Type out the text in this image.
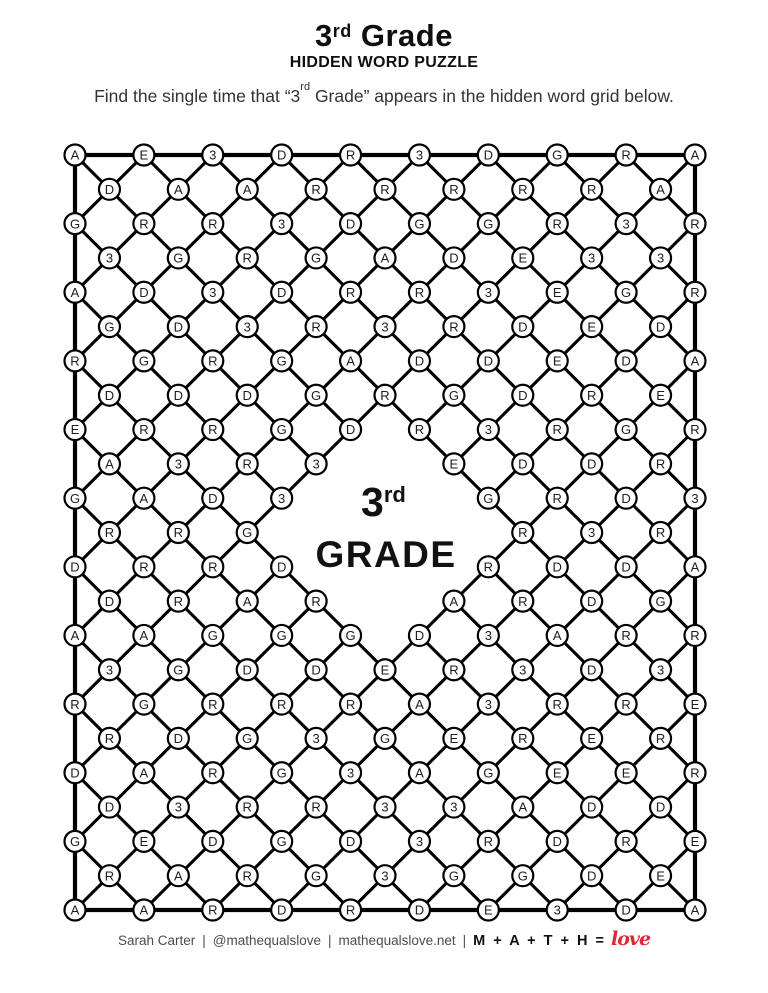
A	E	3	D	R	3	D	G	R	A
D	A	A	R	R	R	R	R	A
G	R	R	3	D	G	G	R	3	R
3	G	R	G	A	D	E	3	3
A	D	3	D	R	R	3	E	G	R
G	D	3	R	3	R	D	E	D
R	G	R	G	A	D	D	E	D	A
D	D	D	G	R	G	D	R	E
E	R	R	G	D	R	3	R	G	R
A	3	R	3	E	D	D	R
G	A	D	3	G	R	D	3
R	R	G	R	3	R
D	R	R	D	R	D	D	A
D	R	A	R	A	R	D	G
A	A	G	G	G	D	3	A	R	R
3	G	D	D	E	R	3	D	3
R	G	R	R	R	A	3	R	R	E
R	D	G	3	G	E	R	E	R
D	A	R	G	3	A	G	E	E	R
D	3	R	R	3	3	A	D	D
G	E	D	G	D	3	R	D	R	E
R	A	R	G	3	G	G	D	E
A	A	R	D	R	D	E	3	D	A
3rd
GRADE
3rd Grade
HIDDEN WORD PUZZLE

Find the single time that “3rd Grade” appears in the hidden word grid below.

Sarah Carter | @mathequalslove | mathequalslove.net | M + A + T + H = love
